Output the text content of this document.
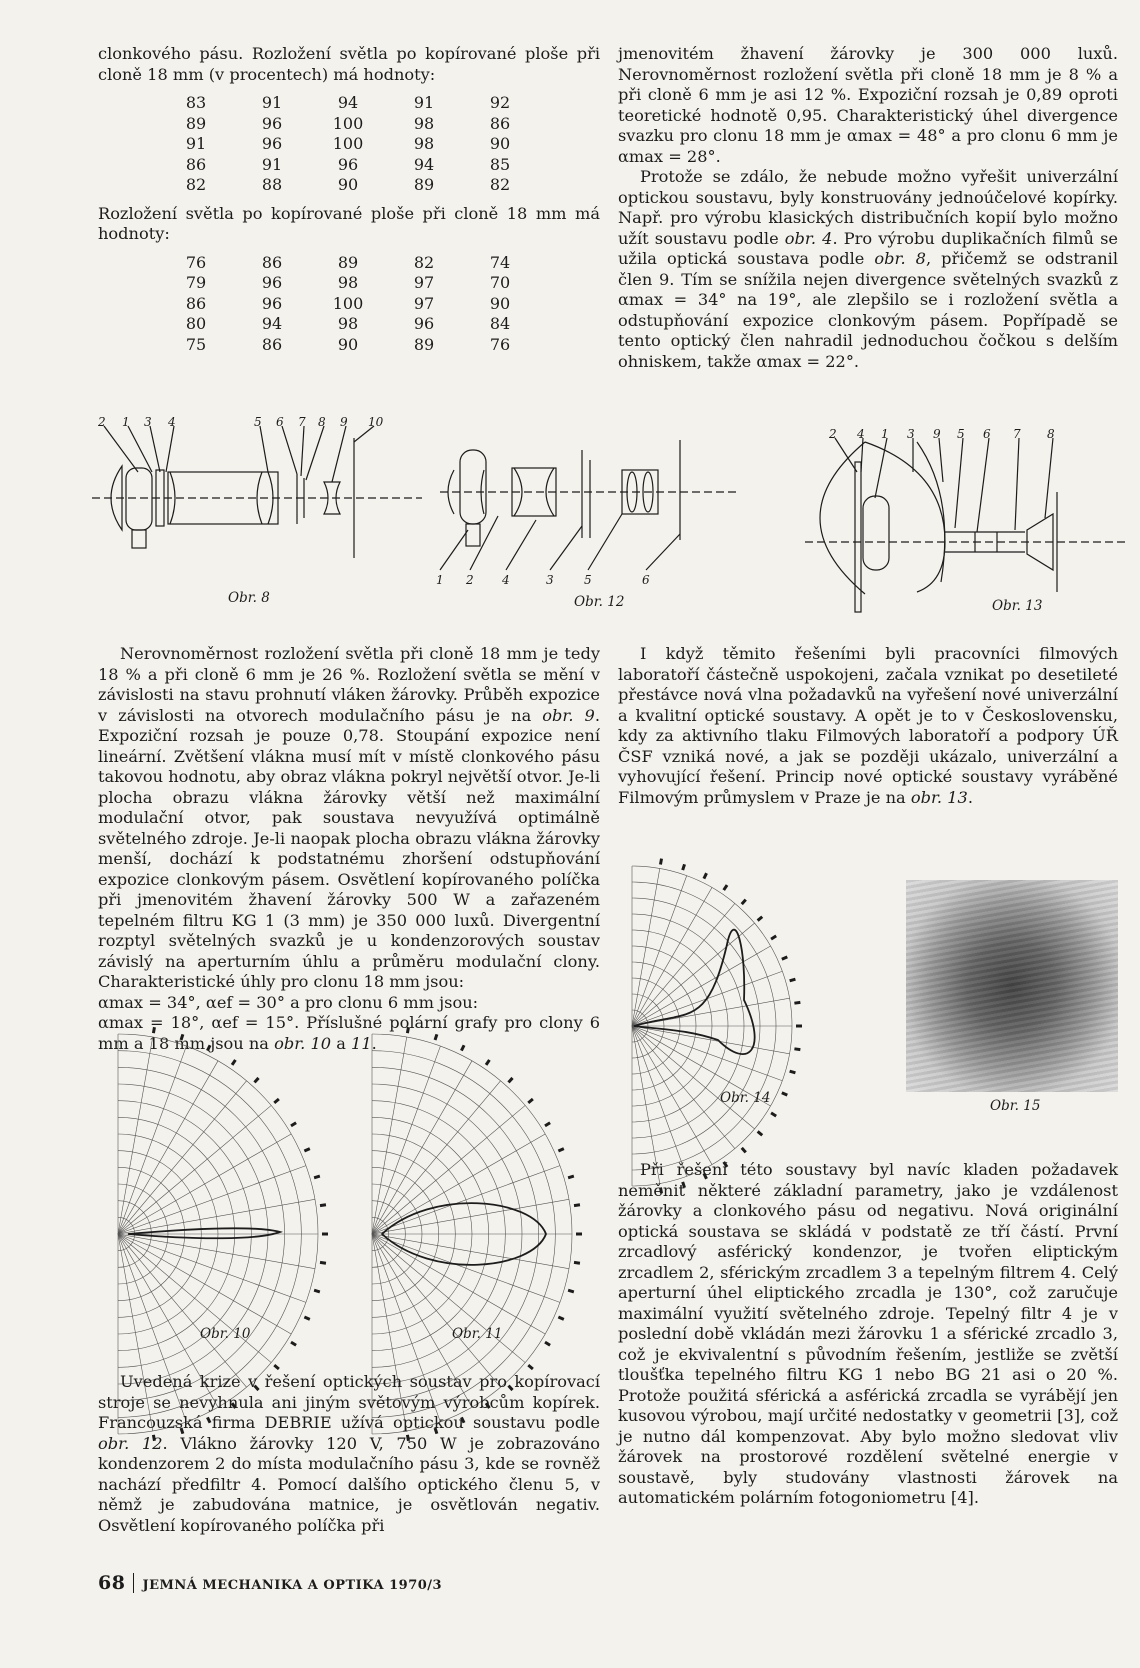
clonkového pásu. Rozložení světla po kopírované ploše při cloně 18 mm (v procentech) má hodnoty:

83	91	94	91	92
89	96	100	98	86
91	96	100	98	90
86	91	96	94	85
82	88	90	89	82

Rozložení světla po kopírované ploše při cloně 18 mm má hodnoty:

76	86	89	82	74
79	96	98	97	70
86	96	100	97	90
80	94	98	96	84
75	86	90	89	76

jmenovitém žhavení žárovky je 300 000 luxů. Nerovnoměrnost rozložení světla při cloně 18 mm je 8 % a při cloně 6 mm je asi 12 %. Expoziční rozsah je 0,89 oproti teoretické hodnotě 0,95. Charakteristický úhel divergence svazku pro clonu 18 mm je αmax = 48° a pro clonu 6 mm je αmax = 28°.

Protože se zdálo, že nebude možno vyřešit univerzální optickou soustavu, byly konstruovány jednoúčelové kopírky. Např. pro výrobu klasických distribučních kopií bylo možno užít soustavu podle obr. 4. Pro výrobu duplikačních filmů se užila optická soustava podle obr. 8, přičemž se odstranil člen 9. Tím se snížila nejen divergence světelných svazků z αmax = 34° na 19°, ale zlepšilo se i rozložení světla a odstupňování expozice clonkovým pásem. Popřípadě se tento optický člen nahradil jednoduchou čočkou s delším ohniskem, takže αmax = 22°.

2 1 3 4	5 6 7 8 9 10
Obr. 8
1 2 4	3	5	6
Obr. 12
2 4 1 3 9 5 6 7 8
Obr. 13

Nerovnoměrnost rozložení světla při cloně 18 mm je tedy 18 % a při cloně 6 mm je 26 %. Rozložení světla se mění v závislosti na stavu prohnutí vláken žárovky. Průběh expozice v závislosti na otvorech modulačního pásu je na obr. 9. Expoziční rozsah je pouze 0,78. Stoupání expozice není lineární. Zvětšení vlákna musí mít v místě clonkového pásu takovou hodnotu, aby obraz vlákna pokryl největší otvor. Je-li plocha obrazu vlákna žárovky větší než maximální modulační otvor, pak soustava nevyužívá optimálně světelného zdroje. Je-li naopak plocha obrazu vlákna žárovky menší, dochází k podstatnému zhoršení odstupňování expozice clonkovým pásem. Osvětlení kopírovaného políčka při jmenovitém žhavení žárovky 500 W a zařazeném tepelném filtru KG 1 (3 mm) je 350 000 luxů. Divergentní rozptyl světelných svazků je u kondenzorových soustav závislý na aperturním úhlu a průměru modulační clony. Charakteristické úhly pro clonu 18 mm jsou:

αmax = 34°, αef = 30° a pro clonu 6 mm jsou:

αmax = 18°, αef = 15°. Příslušné polární grafy pro clony 6 mm a 18 mm jsou na obr. 10 a 11.

I když těmito řešeními byli pracovníci filmových laboratoří částečně uspokojeni, začala vznikat po desetileté přestávce nová vlna požadavků na vyřešení nové univerzální a kvalitní optické soustavy. A opět je to v Československu, kdy za aktivního tlaku Filmových laboratoří a podpory ÚŘ ČSF vzniká nové, a jak se později ukázalo, univerzální a vyhovující řešení. Princip nové optické soustavy vyráběné Filmovým průmyslem v Praze je na obr. 13.

Obr. 14	Obr. 15
Obr. 10	Obr. 11

Uvedená krize v řešení optických soustav pro kopírovací stroje se nevyhnula ani jiným světovým výrobcům kopírek. Francouzská firma DEBRIE užívá optickou soustavu podle obr. 12. Vlákno žárovky 120 V, 750 W je zobrazováno kondenzorem 2 do místa modulačního pásu 3, kde se rovněž nachází předfiltr 4. Pomocí dalšího optického členu 5, v němž je zabudována matnice, je osvětlován negativ. Osvětlení kopírovaného políčka při

Při řešení této soustavy byl navíc kladen požadavek neměnit některé základní parametry, jako je vzdálenost žárovky a clonkového pásu od negativu. Nová originální optická soustava se skládá v podstatě ze tří částí. První zrcadlový asférický kondenzor, je tvořen eliptickým zrcadlem 2, sférickým zrcadlem 3 a tepelným filtrem 4. Celý aperturní úhel eliptického zrcadla je 130°, což zaručuje maximální využití světelného zdroje. Tepelný filtr 4 je v poslední době vkládán mezi žárovku 1 a sférické zrcadlo 3, což je ekvivalentní s původním řešením, jestliže se zvětší tloušťka tepelného filtru KG 1 nebo BG 21 asi o 20 %. Protože použitá sférická a asférická zrcadla se vyrábějí jen kusovou výrobou, mají určité nedostatky v geometrii [3], což je nutno dál kompenzovat. Aby bylo možno sledovat vliv žárovek na prostorové rozdělení světelné energie v soustavě, byly studovány vlastnosti žárovek na automatickém polárním fotogoniometru [4].

68 JEMNÁ MECHANIKA A OPTIKA 1970/3
